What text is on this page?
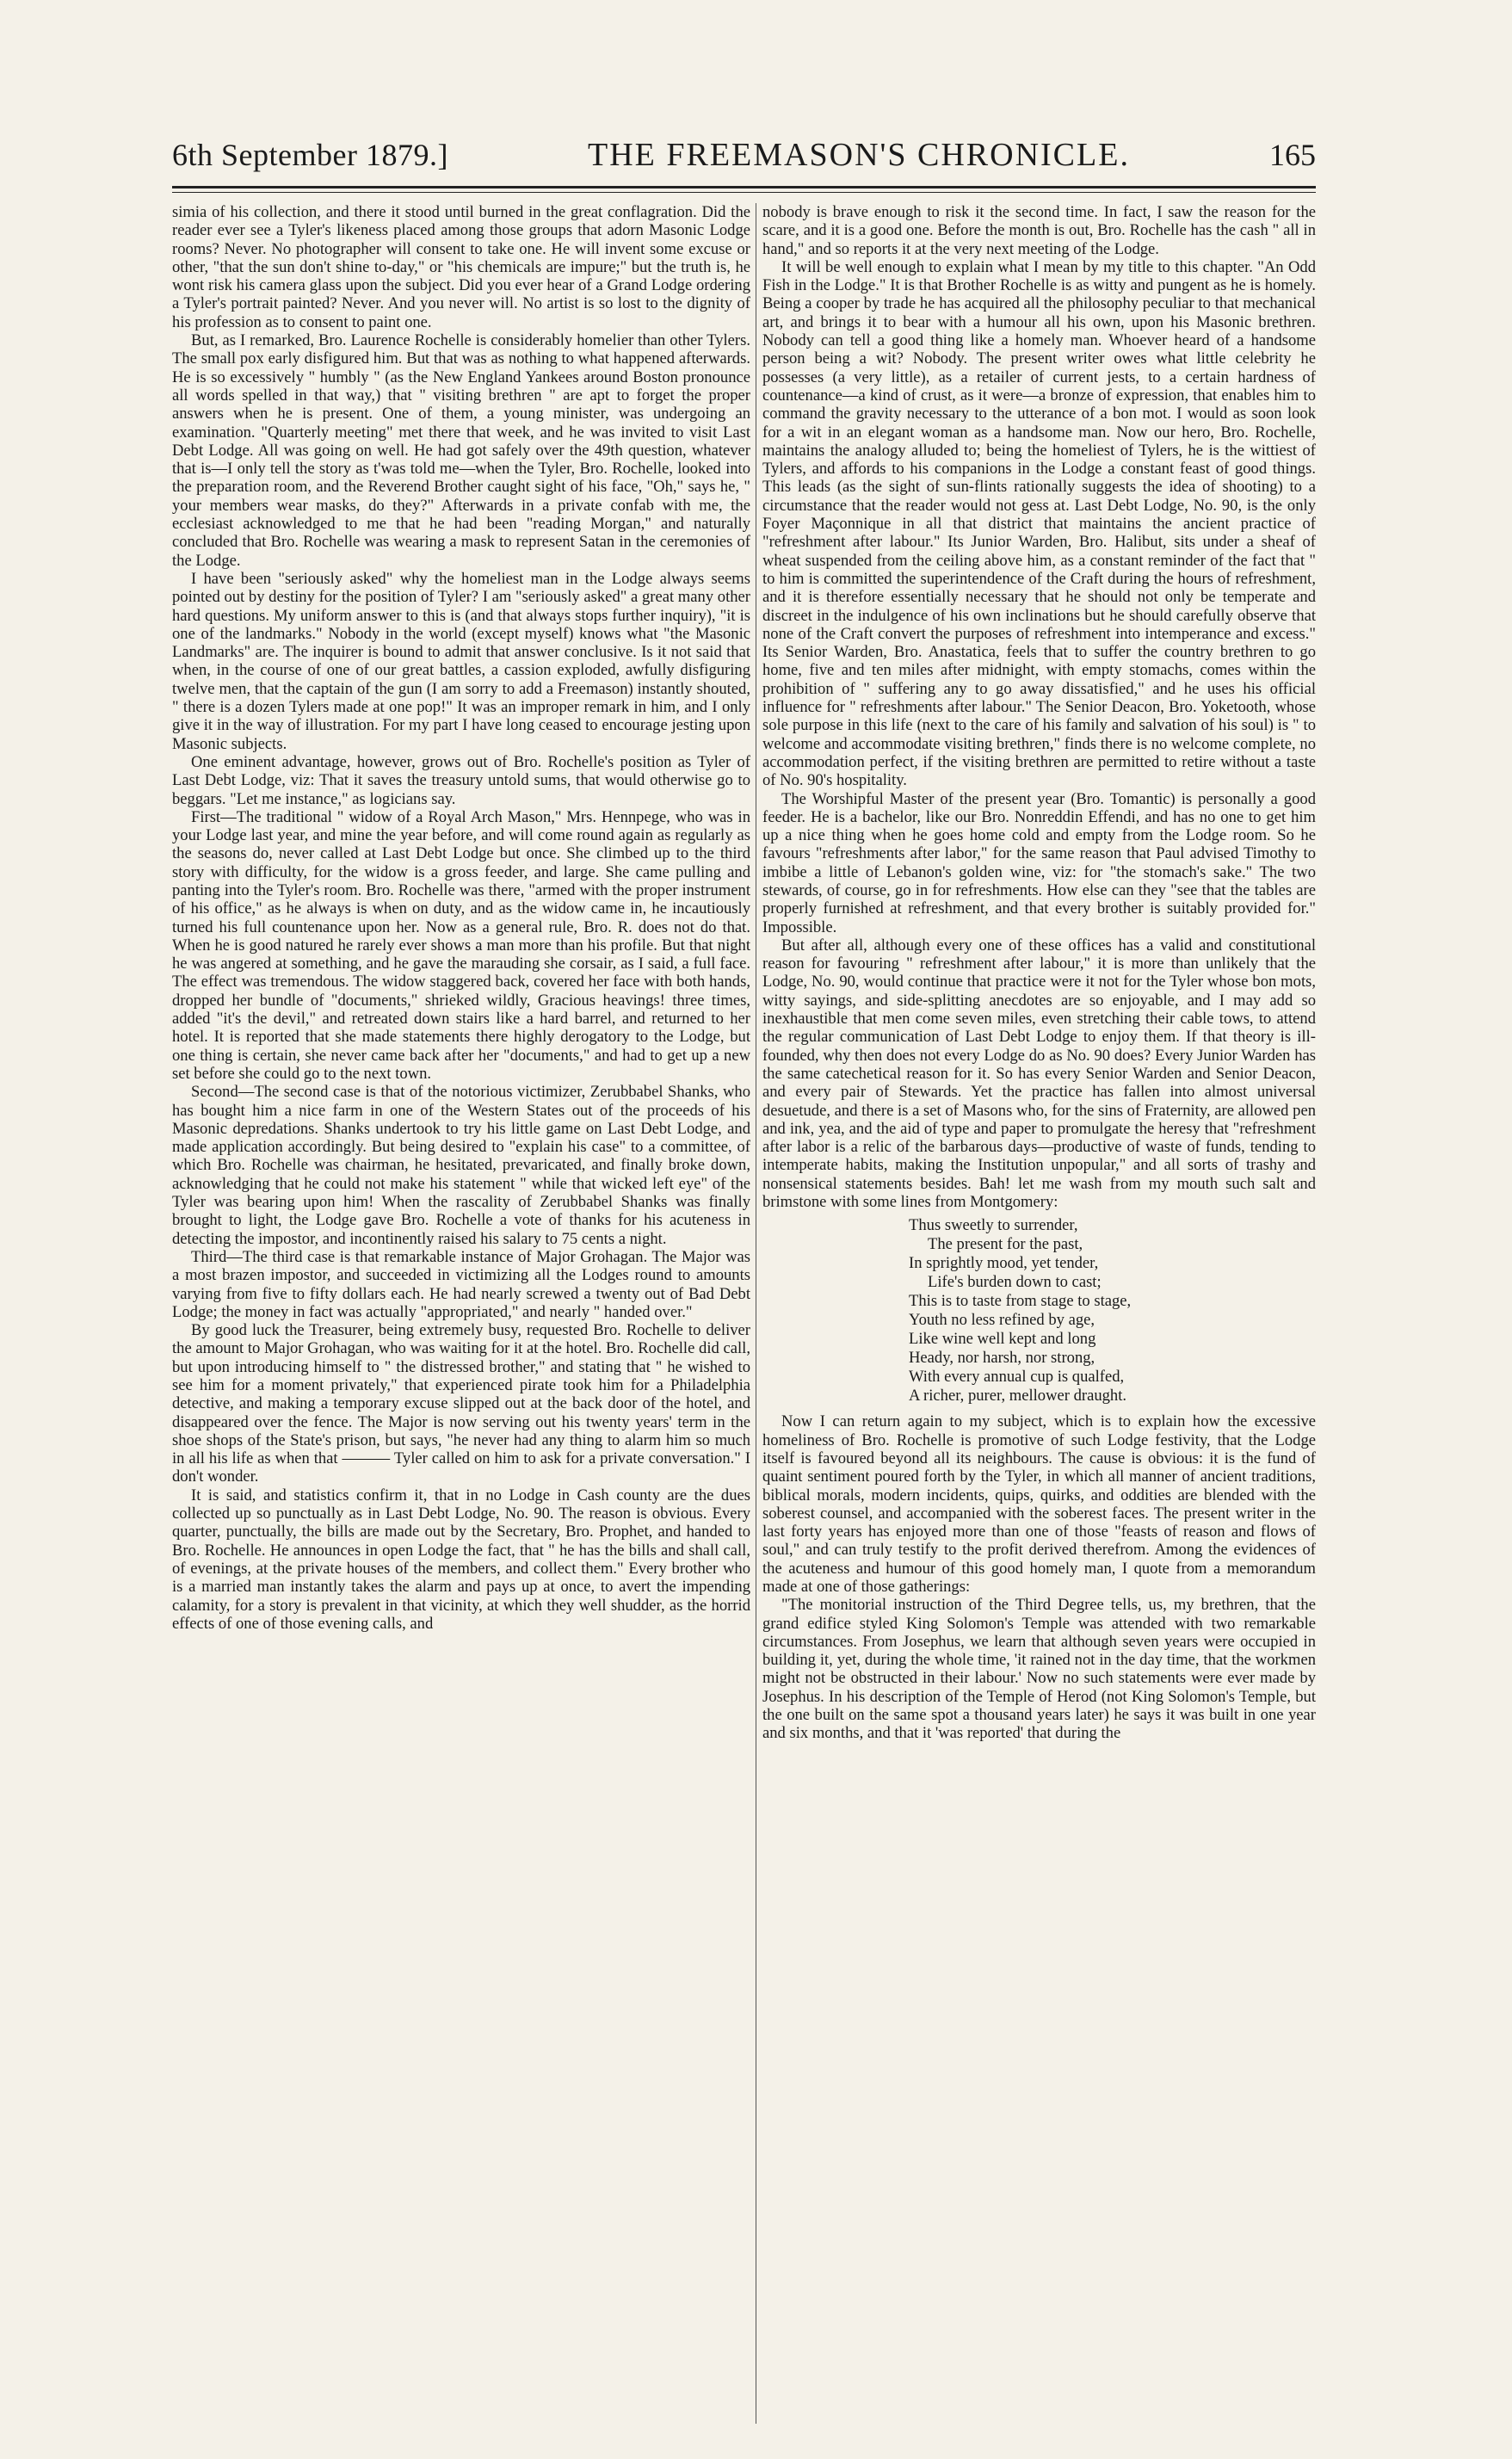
6th September 1879.]	THE FREEMASON'S CHRONICLE.	165

simia of his collection, and there it stood until burned in the great conflagration. Did the reader ever see a Tyler's likeness placed among those groups that adorn Masonic Lodge rooms? Never. No photographer will consent to take one. He will invent some excuse or other, "that the sun don't shine to-day," or "his chemicals are impure;" but the truth is, he wont risk his camera glass upon the subject. Did you ever hear of a Grand Lodge ordering a Tyler's portrait painted? Never. And you never will. No artist is so lost to the dignity of his profession as to consent to paint one.

But, as I remarked, Bro. Laurence Rochelle is considerably homelier than other Tylers. The small pox early disfigured him. But that was as nothing to what happened afterwards. He is so excessively " humbly " (as the New England Yankees around Boston pronounce all words spelled in that way,) that " visiting brethren " are apt to forget the proper answers when he is present. One of them, a young minister, was undergoing an examination. "Quarterly meeting" met there that week, and he was invited to visit Last Debt Lodge. All was going on well. He had got safely over the 49th question, whatever that is—I only tell the story as t'was told me—when the Tyler, Bro. Rochelle, looked into the preparation room, and the Reverend Brother caught sight of his face, "Oh," says he, " your members wear masks, do they?" Afterwards in a private confab with me, the ecclesiast acknowledged to me that he had been "reading Morgan," and naturally concluded that Bro. Rochelle was wearing a mask to represent Satan in the ceremonies of the Lodge.

I have been "seriously asked" why the homeliest man in the Lodge always seems pointed out by destiny for the position of Tyler? I am "seriously asked" a great many other hard questions. My uniform answer to this is (and that always stops further inquiry), "it is one of the landmarks." Nobody in the world (except myself) knows what "the Masonic Landmarks" are. The inquirer is bound to admit that answer conclusive. Is it not said that when, in the course of one of our great battles, a cassion exploded, awfully disfiguring twelve men, that the captain of the gun (I am sorry to add a Freemason) instantly shouted, " there is a dozen Tylers made at one pop!" It was an improper remark in him, and I only give it in the way of illustration. For my part I have long ceased to encourage jesting upon Masonic subjects.

One eminent advantage, however, grows out of Bro. Rochelle's position as Tyler of Last Debt Lodge, viz: That it saves the treasury untold sums, that would otherwise go to beggars. "Let me instance," as logicians say.

First—The traditional " widow of a Royal Arch Mason," Mrs. Hennpege, who was in your Lodge last year, and mine the year before, and will come round again as regularly as the seasons do, never called at Last Debt Lodge but once. She climbed up to the third story with difficulty, for the widow is a gross feeder, and large. She came pulling and panting into the Tyler's room. Bro. Rochelle was there, "armed with the proper instrument of his office," as he always is when on duty, and as the widow came in, he incautiously turned his full countenance upon her. Now as a general rule, Bro. R. does not do that. When he is good natured he rarely ever shows a man more than his profile. But that night he was angered at something, and he gave the marauding she corsair, as I said, a full face. The effect was tremendous. The widow staggered back, covered her face with both hands, dropped her bundle of "documents," shrieked wildly, Gracious heavings! three times, added "it's the devil," and retreated down stairs like a hard barrel, and returned to her hotel. It is reported that she made statements there highly derogatory to the Lodge, but one thing is certain, she never came back after her "documents," and had to get up a new set before she could go to the next town.

Second—The second case is that of the notorious victimizer, Zerubbabel Shanks, who has bought him a nice farm in one of the Western States out of the proceeds of his Masonic depredations. Shanks undertook to try his little game on Last Debt Lodge, and made application accordingly. But being desired to "explain his case" to a committee, of which Bro. Rochelle was chairman, he hesitated, prevaricated, and finally broke down, acknowledging that he could not make his statement " while that wicked left eye" of the Tyler was bearing upon him! When the rascality of Zerubbabel Shanks was finally brought to light, the Lodge gave Bro. Rochelle a vote of thanks for his acuteness in detecting the impostor, and incontinently raised his salary to 75 cents a night.

Third—The third case is that remarkable instance of Major Grohagan. The Major was a most brazen impostor, and succeeded in victimizing all the Lodges round to amounts varying from five to fifty dollars each. He had nearly screwed a twenty out of Bad Debt Lodge; the money in fact was actually "appropriated," and nearly " handed over."

By good luck the Treasurer, being extremely busy, requested Bro. Rochelle to deliver the amount to Major Grohagan, who was waiting for it at the hotel. Bro. Rochelle did call, but upon introducing himself to " the distressed brother," and stating that " he wished to see him for a moment privately," that experienced pirate took him for a Philadelphia detective, and making a temporary excuse slipped out at the back door of the hotel, and disappeared over the fence. The Major is now serving out his twenty years' term in the shoe shops of the State's prison, but says, "he never had any thing to alarm him so much in all his life as when that ——— Tyler called on him to ask for a private conversation." I don't wonder.

It is said, and statistics confirm it, that in no Lodge in Cash county are the dues collected up so punctually as in Last Debt Lodge, No. 90. The reason is obvious. Every quarter, punctually, the bills are made out by the Secretary, Bro. Prophet, and handed to Bro. Rochelle. He announces in open Lodge the fact, that " he has the bills and shall call, of evenings, at the private houses of the members, and collect them." Every brother who is a married man instantly takes the alarm and pays up at once, to avert the impending calamity, for a story is prevalent in that vicinity, at which they well shudder, as the horrid effects of one of those evening calls, and

nobody is brave enough to risk it the second time. In fact, I saw the reason for the scare, and it is a good one. Before the month is out, Bro. Rochelle has the cash " all in hand," and so reports it at the very next meeting of the Lodge.

It will be well enough to explain what I mean by my title to this chapter. "An Odd Fish in the Lodge." It is that Brother Rochelle is as witty and pungent as he is homely. Being a cooper by trade he has acquired all the philosophy peculiar to that mechanical art, and brings it to bear with a humour all his own, upon his Masonic brethren. Nobody can tell a good thing like a homely man. Whoever heard of a handsome person being a wit? Nobody. The present writer owes what little celebrity he possesses (a very little), as a retailer of current jests, to a certain hardness of countenance—a kind of crust, as it were—a bronze of expression, that enables him to command the gravity necessary to the utterance of a bon mot. I would as soon look for a wit in an elegant woman as a handsome man. Now our hero, Bro. Rochelle, maintains the analogy alluded to; being the homeliest of Tylers, he is the wittiest of Tylers, and affords to his companions in the Lodge a constant feast of good things. This leads (as the sight of sun-flints rationally suggests the idea of shooting) to a circumstance that the reader would not gess at. Last Debt Lodge, No. 90, is the only Foyer Maçonnique in all that district that maintains the ancient practice of "refreshment after labour." Its Junior Warden, Bro. Halibut, sits under a sheaf of wheat suspended from the ceiling above him, as a constant reminder of the fact that " to him is committed the superintendence of the Craft during the hours of refreshment, and it is therefore essentially necessary that he should not only be temperate and discreet in the indulgence of his own inclinations but he should carefully observe that none of the Craft convert the purposes of refreshment into intemperance and excess." Its Senior Warden, Bro. Anastatica, feels that to suffer the country brethren to go home, five and ten miles after midnight, with empty stomachs, comes within the prohibition of " suffering any to go away dissatisfied," and he uses his official influence for " refreshments after labour." The Senior Deacon, Bro. Yoketooth, whose sole purpose in this life (next to the care of his family and salvation of his soul) is " to welcome and accommodate visiting brethren," finds there is no welcome complete, no accommodation perfect, if the visiting brethren are permitted to retire without a taste of No. 90's hospitality.

The Worshipful Master of the present year (Bro. Tomantic) is personally a good feeder. He is a bachelor, like our Bro. Nonreddin Effendi, and has no one to get him up a nice thing when he goes home cold and empty from the Lodge room. So he favours "refreshments after labor," for the same reason that Paul advised Timothy to imbibe a little of Lebanon's golden wine, viz: for "the stomach's sake." The two stewards, of course, go in for refreshments. How else can they "see that the tables are properly furnished at refreshment, and that every brother is suitably provided for." Impossible.

But after all, although every one of these offices has a valid and constitutional reason for favouring " refreshment after labour," it is more than unlikely that the Lodge, No. 90, would continue that practice were it not for the Tyler whose bon mots, witty sayings, and side-splitting anecdotes are so enjoyable, and I may add so inexhaustible that men come seven miles, even stretching their cable tows, to attend the regular communication of Last Debt Lodge to enjoy them. If that theory is ill-founded, why then does not every Lodge do as No. 90 does? Every Junior Warden has the same catechetical reason for it. So has every Senior Warden and Senior Deacon, and every pair of Stewards. Yet the practice has fallen into almost universal desuetude, and there is a set of Masons who, for the sins of Fraternity, are allowed pen and ink, yea, and the aid of type and paper to promulgate the heresy that "refreshment after labor is a relic of the barbarous days—productive of waste of funds, tending to intemperate habits, making the Institution unpopular," and all sorts of trashy and nonsensical statements besides. Bah! let me wash from my mouth such salt and brimstone with some lines from Montgomery:

Thus sweetly to surrender,
The present for the past,
In sprightly mood, yet tender,
Life's burden down to cast;
This is to taste from stage to stage,
Youth no less refined by age,
Like wine well kept and long
Heady, nor harsh, nor strong,
With every annual cup is qualfed,
A richer, purer, mellower draught.

Now I can return again to my subject, which is to explain how the excessive homeliness of Bro. Rochelle is promotive of such Lodge festivity, that the Lodge itself is favoured beyond all its neighbours. The cause is obvious: it is the fund of quaint sentiment poured forth by the Tyler, in which all manner of ancient traditions, biblical morals, modern incidents, quips, quirks, and oddities are blended with the soberest counsel, and accompanied with the soberest faces. The present writer in the last forty years has enjoyed more than one of those "feasts of reason and flows of soul," and can truly testify to the profit derived therefrom. Among the evidences of the acuteness and humour of this good homely man, I quote from a memorandum made at one of those gatherings:

"The monitorial instruction of the Third Degree tells, us, my brethren, that the grand edifice styled King Solomon's Temple was attended with two remarkable circumstances. From Josephus, we learn that although seven years were occupied in building it, yet, during the whole time, 'it rained not in the day time, that the workmen might not be obstructed in their labour.' Now no such statements were ever made by Josephus. In his description of the Temple of Herod (not King Solomon's Temple, but the one built on the same spot a thousand years later) he says it was built in one year and six months, and that it 'was reported' that during the
